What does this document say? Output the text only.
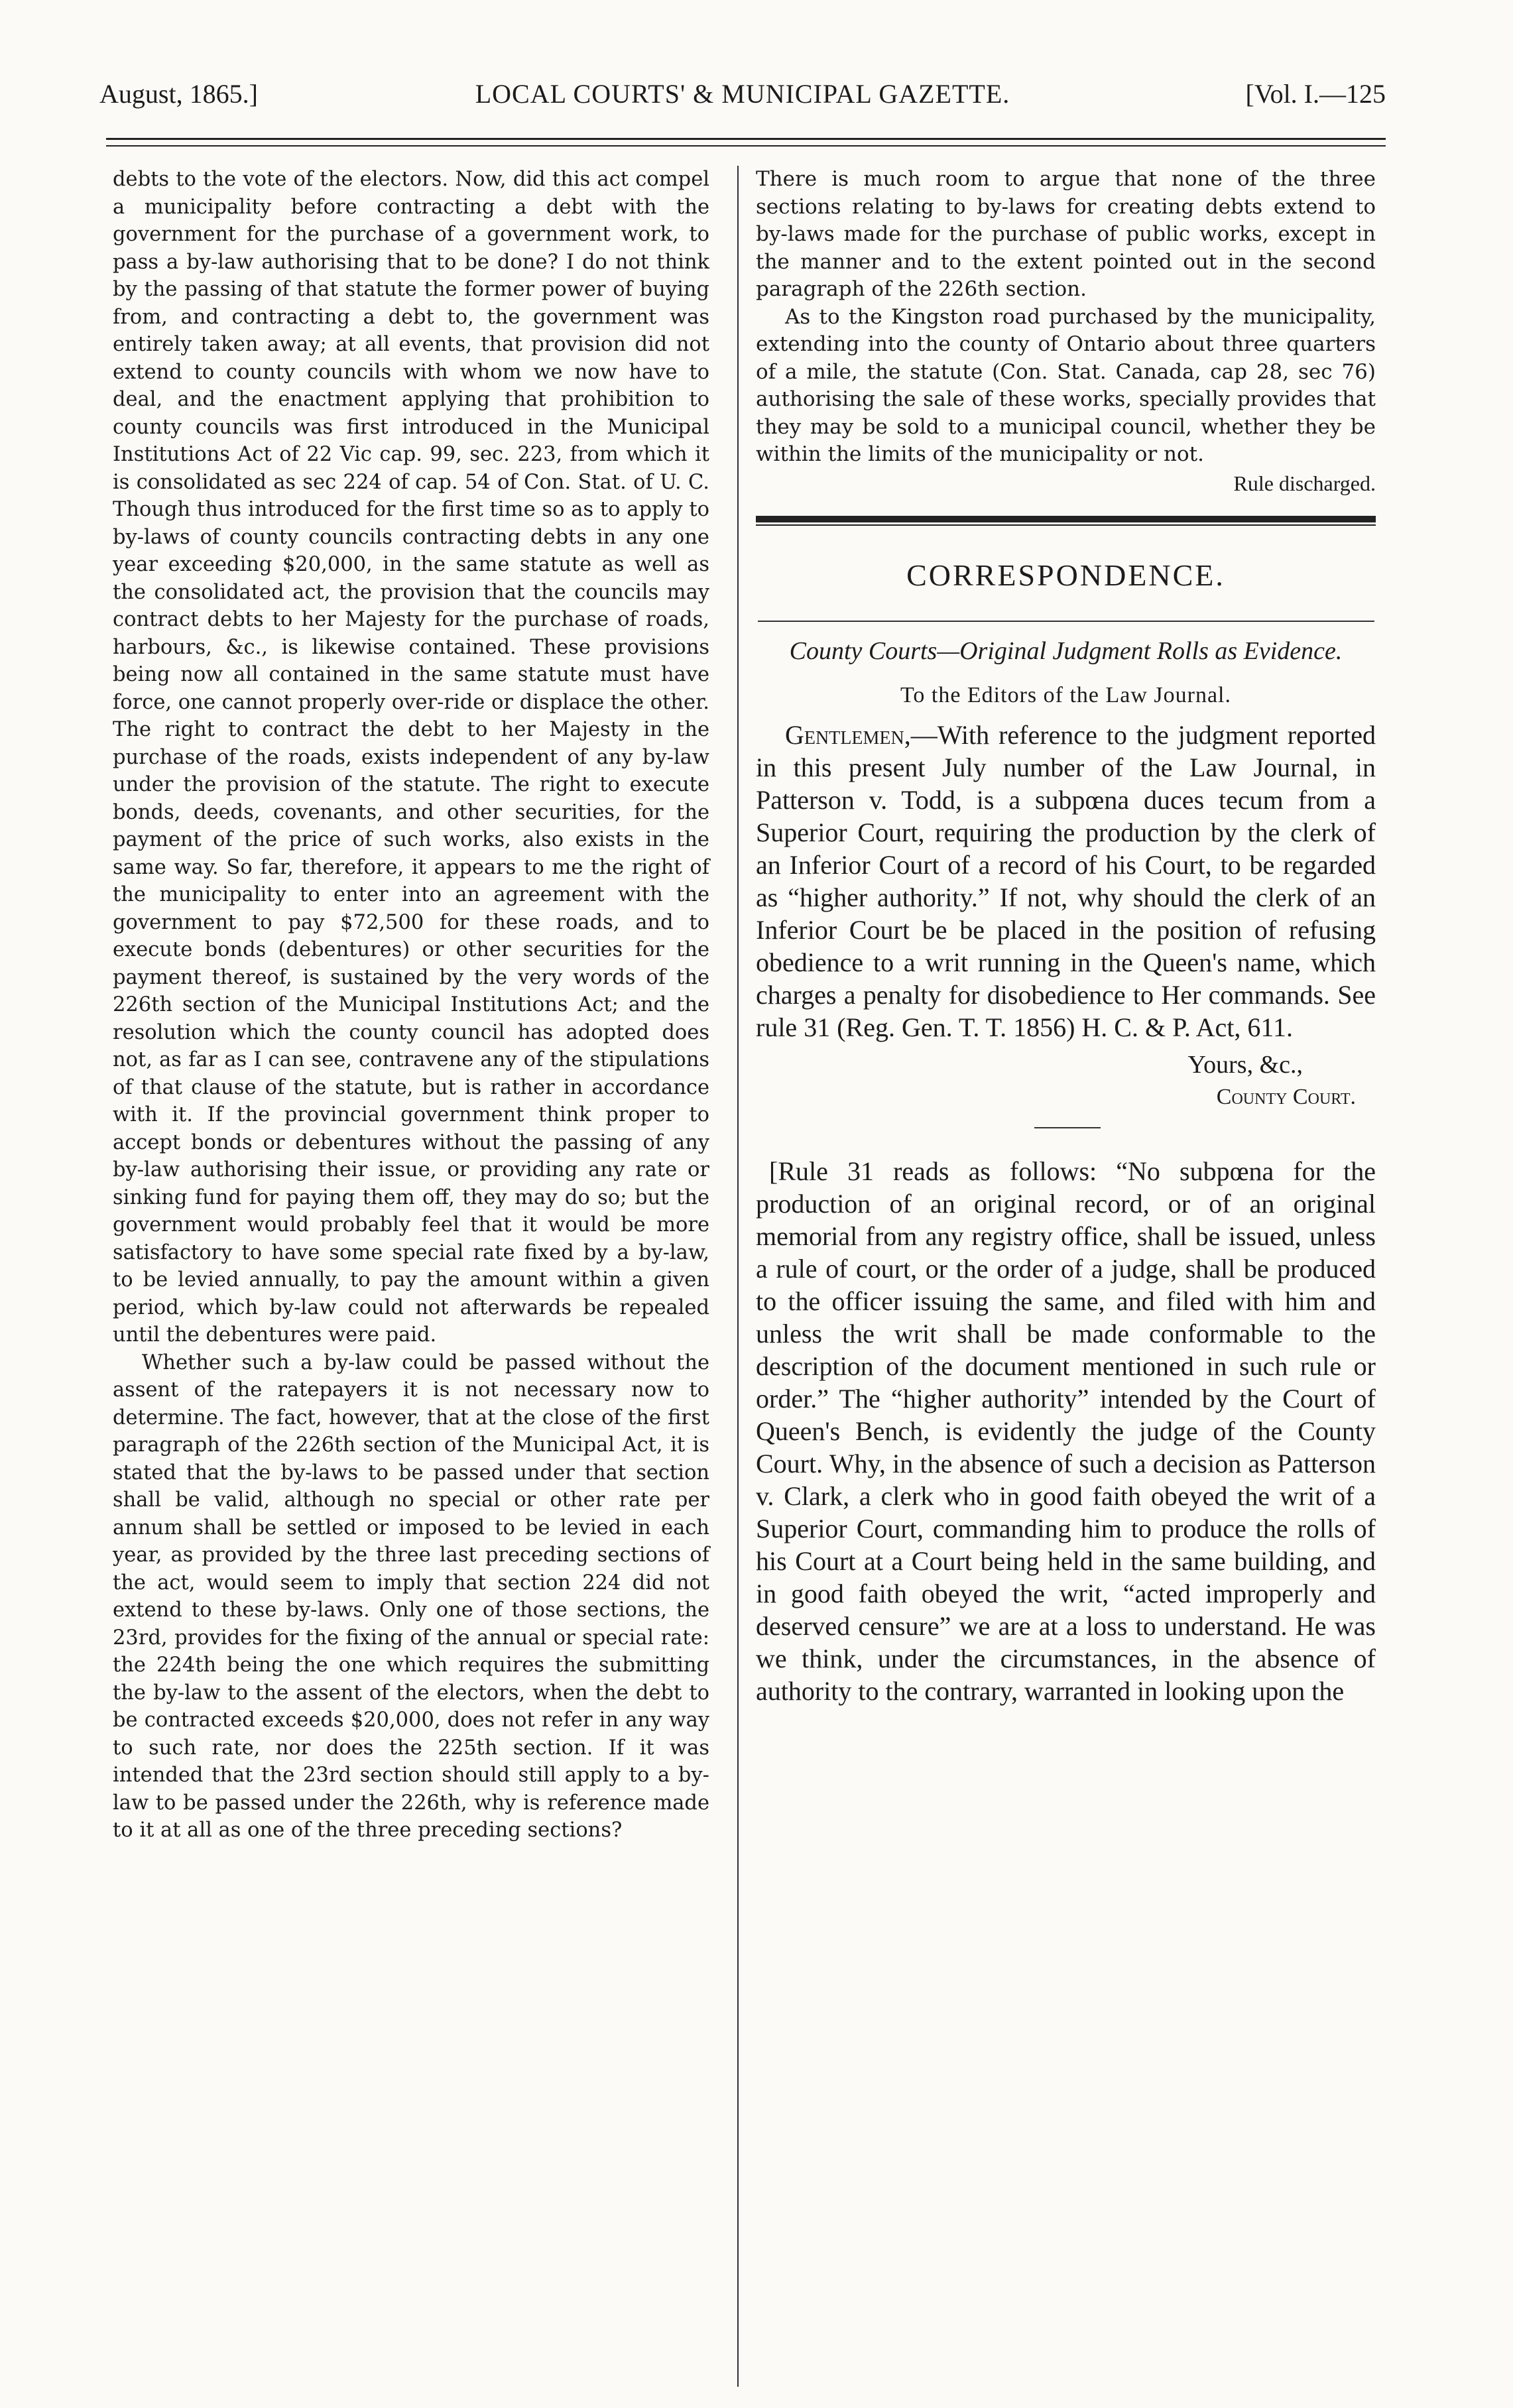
August, 1865.]	LOCAL COURTS' & MUNICIPAL GAZETTE.	[Vol. I.—125

debts to the vote of the electors. Now, did this act compel a municipality before contracting a debt with the government for the purchase of a government work, to pass a by-law authorising that to be done? I do not think by the passing of that statute the former power of buying from, and contracting a debt to, the government was entirely taken away; at all events, that provision did not extend to county councils with whom we now have to deal, and the enactment applying that prohibition to county councils was first introduced in the Municipal Institutions Act of 22 Vic cap. 99, sec. 223, from which it is consolidated as sec 224 of cap. 54 of Con. Stat. of U. C. Though thus introduced for the first time so as to apply to by-laws of county councils contracting debts in any one year exceeding $20,000, in the same statute as well as the consolidated act, the provision that the councils may contract debts to her Majesty for the purchase of roads, harbours, &c., is likewise contained. These provisions being now all contained in the same statute must have force, one cannot properly over-ride or displace the other. The right to contract the debt to her Majesty in the purchase of the roads, exists independent of any by-law under the provision of the statute. The right to execute bonds, deeds, covenants, and other securities, for the payment of the price of such works, also exists in the same way. So far, therefore, it appears to me the right of the municipality to enter into an agreement with the government to pay $72,500 for these roads, and to execute bonds (debentures) or other securities for the payment thereof, is sustained by the very words of the 226th section of the Municipal Institutions Act; and the resolution which the county council has adopted does not, as far as I can see, contravene any of the stipulations of that clause of the statute, but is rather in accordance with it. If the provincial government think proper to accept bonds or debentures without the passing of any by-law authorising their issue, or providing any rate or sinking fund for paying them off, they may do so; but the government would probably feel that it would be more satisfactory to have some special rate fixed by a by-law, to be levied annually, to pay the amount within a given period, which by-law could not afterwards be repealed until the debentures were paid.

Whether such a by-law could be passed without the assent of the ratepayers it is not necessary now to determine. The fact, however, that at the close of the first paragraph of the 226th section of the Municipal Act, it is stated that the by-laws to be passed under that section shall be valid, although no special or other rate per annum shall be settled or imposed to be levied in each year, as provided by the three last preceding sections of the act, would seem to imply that section 224 did not extend to these by-laws. Only one of those sections, the 23rd, provides for the fixing of the annual or special rate: the 224th being the one which requires the submitting the by-law to the assent of the electors, when the debt to be contracted exceeds $20,000, does not refer in any way to such rate, nor does the 225th section. If it was intended that the 23rd section should still apply to a by-law to be passed under the 226th, why is reference made to it at all as one of the three preceding sections?

There is much room to argue that none of the three sections relating to by-laws for creating debts extend to by-laws made for the purchase of public works, except in the manner and to the extent pointed out in the second paragraph of the 226th section.

As to the Kingston road purchased by the municipality, extending into the county of Ontario about three quarters of a mile, the statute (Con. Stat. Canada, cap 28, sec 76) authorising the sale of these works, specially provides that they may be sold to a municipal council, whether they be within the limits of the municipality or not.

Rule discharged.
CORRESPONDENCE.
County Courts—Original Judgment Rolls as Evidence.
To the Editors of the Law Journal.

Gentlemen,—With reference to the judgment reported in this present July number of the Law Journal, in Patterson v. Todd, is a subpœna duces tecum from a Superior Court, requiring the production by the clerk of an Inferior Court of a record of his Court, to be regarded as “higher authority.” If not, why should the clerk of an Inferior Court be be placed in the position of refusing obedience to a writ running in the Queen's name, which charges a penalty for disobedience to Her commands. See rule 31 (Reg. Gen. T. T. 1856) H. C. & P. Act, 611.

Yours, &c.,
County Court.

[Rule 31 reads as follows: “No subpœna for the production of an original record, or of an original memorial from any registry office, shall be issued, unless a rule of court, or the order of a judge, shall be produced to the officer issuing the same, and filed with him and unless the writ shall be made conformable to the description of the document mentioned in such rule or order.” The “higher authority” intended by the Court of Queen's Bench, is evidently the judge of the County Court. Why, in the absence of such a decision as Patterson v. Clark, a clerk who in good faith obeyed the writ of a Superior Court, commanding him to produce the rolls of his Court at a Court being held in the same building, and in good faith obeyed the writ, “acted improperly and deserved censure” we are at a loss to understand. He was we think, under the circumstances, in the absence of authority to the contrary, warranted in looking upon the
